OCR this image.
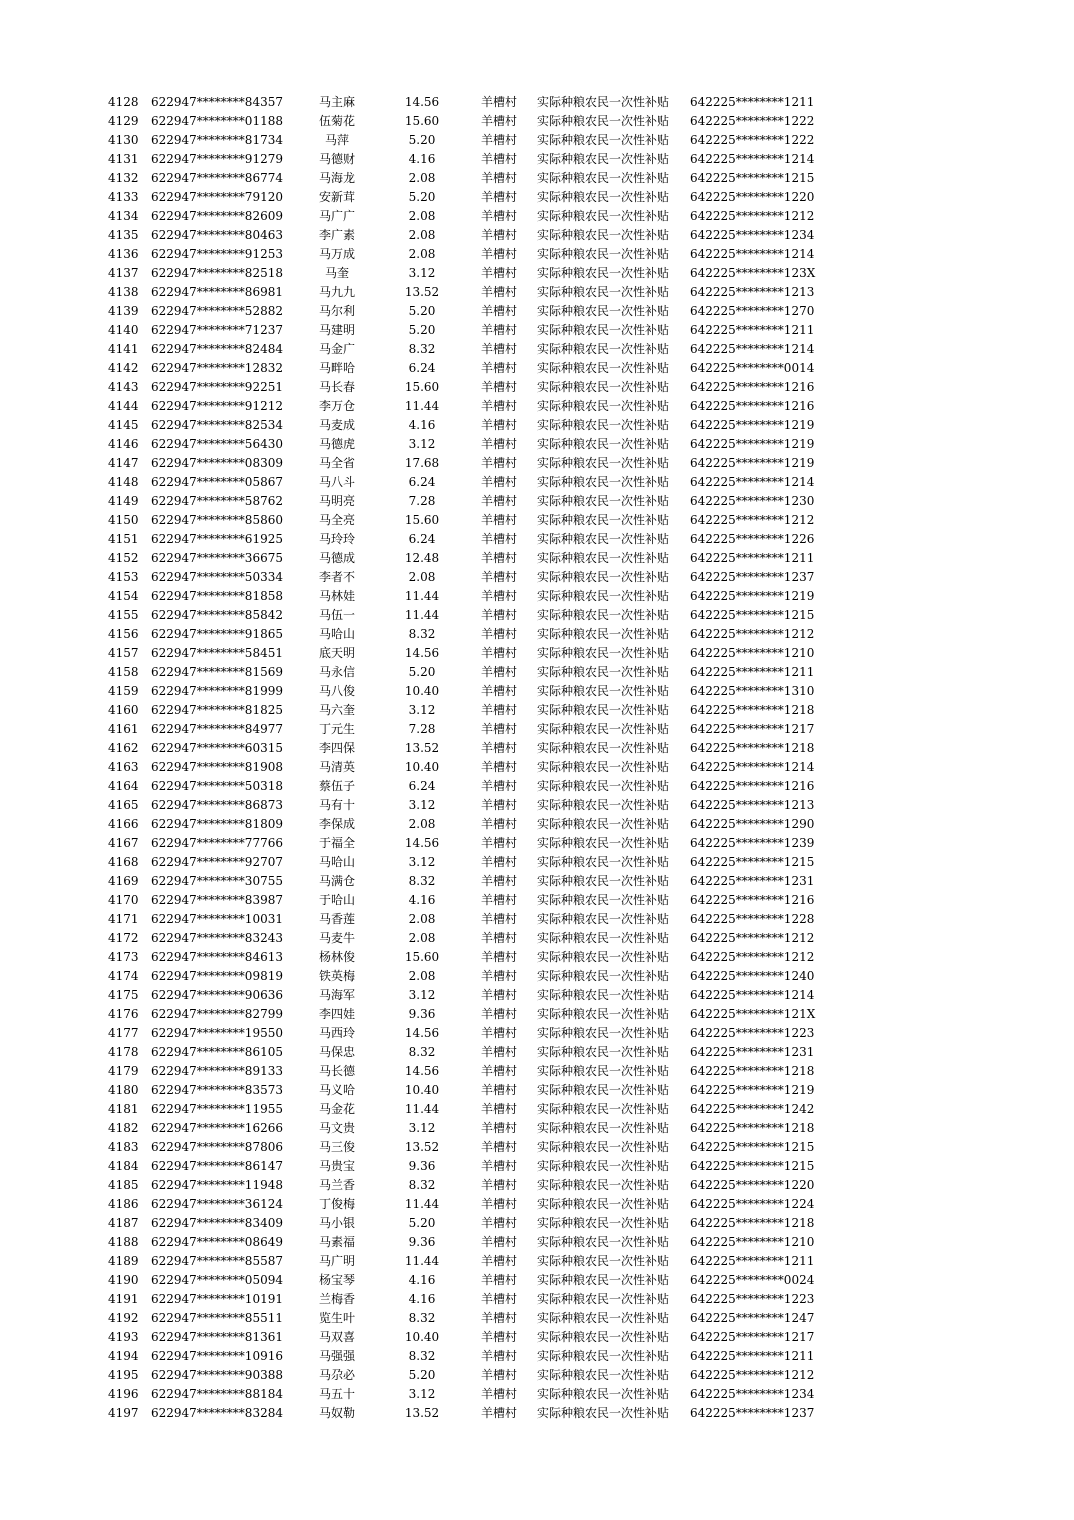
4128	622947********84357	马主麻	14.56	羊槽村	实际种粮农民一次性补贴	642225********1211
4129	622947********01188	伍菊花	15.60	羊槽村	实际种粮农民一次性补贴	642225********1222
4130	622947********81734	马萍	5.20	羊槽村	实际种粮农民一次性补贴	642225********1222
4131	622947********91279	马德财	4.16	羊槽村	实际种粮农民一次性补贴	642225********1214
4132	622947********86774	马海龙	2.08	羊槽村	实际种粮农民一次性补贴	642225********1215
4133	622947********79120	安新茸	5.20	羊槽村	实际种粮农民一次性补贴	642225********1220
4134	622947********82609	马广广	2.08	羊槽村	实际种粮农民一次性补贴	642225********1212
4135	622947********80463	李广素	2.08	羊槽村	实际种粮农民一次性补贴	642225********1234
4136	622947********91253	马万成	2.08	羊槽村	实际种粮农民一次性补贴	642225********1214
4137	622947********82518	马奎	3.12	羊槽村	实际种粮农民一次性补贴	642225********123X
4138	622947********86981	马九九	13.52	羊槽村	实际种粮农民一次性补贴	642225********1213
4139	622947********52882	马尔利	5.20	羊槽村	实际种粮农民一次性补贴	642225********1270
4140	622947********71237	马建明	5.20	羊槽村	实际种粮农民一次性补贴	642225********1211
4141	622947********82484	马金广	8.32	羊槽村	实际种粮农民一次性补贴	642225********1214
4142	622947********12832	马畔哈	6.24	羊槽村	实际种粮农民一次性补贴	642225********0014
4143	622947********92251	马长春	15.60	羊槽村	实际种粮农民一次性补贴	642225********1216
4144	622947********91212	李万仓	11.44	羊槽村	实际种粮农民一次性补贴	642225********1216
4145	622947********82534	马麦成	4.16	羊槽村	实际种粮农民一次性补贴	642225********1219
4146	622947********56430	马德虎	3.12	羊槽村	实际种粮农民一次性补贴	642225********1219
4147	622947********08309	马全省	17.68	羊槽村	实际种粮农民一次性补贴	642225********1219
4148	622947********05867	马八斗	6.24	羊槽村	实际种粮农民一次性补贴	642225********1214
4149	622947********58762	马明亮	7.28	羊槽村	实际种粮农民一次性补贴	642225********1230
4150	622947********85860	马全亮	15.60	羊槽村	实际种粮农民一次性补贴	642225********1212
4151	622947********61925	马玲玲	6.24	羊槽村	实际种粮农民一次性补贴	642225********1226
4152	622947********36675	马德成	12.48	羊槽村	实际种粮农民一次性补贴	642225********1211
4153	622947********50334	李者不	2.08	羊槽村	实际种粮农民一次性补贴	642225********1237
4154	622947********81858	马林娃	11.44	羊槽村	实际种粮农民一次性补贴	642225********1219
4155	622947********85842	马伍一	11.44	羊槽村	实际种粮农民一次性补贴	642225********1215
4156	622947********91865	马哈山	8.32	羊槽村	实际种粮农民一次性补贴	642225********1212
4157	622947********58451	底天明	14.56	羊槽村	实际种粮农民一次性补贴	642225********1210
4158	622947********81569	马永信	5.20	羊槽村	实际种粮农民一次性补贴	642225********1211
4159	622947********81999	马八俊	10.40	羊槽村	实际种粮农民一次性补贴	642225********1310
4160	622947********81825	马六奎	3.12	羊槽村	实际种粮农民一次性补贴	642225********1218
4161	622947********84977	丁元生	7.28	羊槽村	实际种粮农民一次性补贴	642225********1217
4162	622947********60315	李四保	13.52	羊槽村	实际种粮农民一次性补贴	642225********1218
4163	622947********81908	马清英	10.40	羊槽村	实际种粮农民一次性补贴	642225********1214
4164	622947********50318	蔡伍子	6.24	羊槽村	实际种粮农民一次性补贴	642225********1216
4165	622947********86873	马有十	3.12	羊槽村	实际种粮农民一次性补贴	642225********1213
4166	622947********81809	李保成	2.08	羊槽村	实际种粮农民一次性补贴	642225********1290
4167	622947********77766	于福全	14.56	羊槽村	实际种粮农民一次性补贴	642225********1239
4168	622947********92707	马哈山	3.12	羊槽村	实际种粮农民一次性补贴	642225********1215
4169	622947********30755	马满仓	8.32	羊槽村	实际种粮农民一次性补贴	642225********1231
4170	622947********83987	于哈山	4.16	羊槽村	实际种粮农民一次性补贴	642225********1216
4171	622947********10031	马香莲	2.08	羊槽村	实际种粮农民一次性补贴	642225********1228
4172	622947********83243	马麦牛	2.08	羊槽村	实际种粮农民一次性补贴	642225********1212
4173	622947********84613	杨林俊	15.60	羊槽村	实际种粮农民一次性补贴	642225********1212
4174	622947********09819	铁英梅	2.08	羊槽村	实际种粮农民一次性补贴	642225********1240
4175	622947********90636	马海军	3.12	羊槽村	实际种粮农民一次性补贴	642225********1214
4176	622947********82799	李四娃	9.36	羊槽村	实际种粮农民一次性补贴	642225********121X
4177	622947********19550	马西玲	14.56	羊槽村	实际种粮农民一次性补贴	642225********1223
4178	622947********86105	马保忠	8.32	羊槽村	实际种粮农民一次性补贴	642225********1231
4179	622947********89133	马长德	14.56	羊槽村	实际种粮农民一次性补贴	642225********1218
4180	622947********83573	马义哈	10.40	羊槽村	实际种粮农民一次性补贴	642225********1219
4181	622947********11955	马金花	11.44	羊槽村	实际种粮农民一次性补贴	642225********1242
4182	622947********16266	马文贵	3.12	羊槽村	实际种粮农民一次性补贴	642225********1218
4183	622947********87806	马三俊	13.52	羊槽村	实际种粮农民一次性补贴	642225********1215
4184	622947********86147	马贵宝	9.36	羊槽村	实际种粮农民一次性补贴	642225********1215
4185	622947********11948	马兰香	8.32	羊槽村	实际种粮农民一次性补贴	642225********1220
4186	622947********36124	丁俊梅	11.44	羊槽村	实际种粮农民一次性补贴	642225********1224
4187	622947********83409	马小银	5.20	羊槽村	实际种粮农民一次性补贴	642225********1218
4188	622947********08649	马素福	9.36	羊槽村	实际种粮农民一次性补贴	642225********1210
4189	622947********85587	马广明	11.44	羊槽村	实际种粮农民一次性补贴	642225********1211
4190	622947********05094	杨宝琴	4.16	羊槽村	实际种粮农民一次性补贴	642225********0024
4191	622947********10191	兰梅香	4.16	羊槽村	实际种粮农民一次性补贴	642225********1223
4192	622947********85511	览生叶	8.32	羊槽村	实际种粮农民一次性补贴	642225********1247
4193	622947********81361	马双喜	10.40	羊槽村	实际种粮农民一次性补贴	642225********1217
4194	622947********10916	马强强	8.32	羊槽村	实际种粮农民一次性补贴	642225********1211
4195	622947********90388	马尕必	5.20	羊槽村	实际种粮农民一次性补贴	642225********1212
4196	622947********88184	马五十	3.12	羊槽村	实际种粮农民一次性补贴	642225********1234
4197	622947********83284	马奴勒	13.52	羊槽村	实际种粮农民一次性补贴	642225********1237
